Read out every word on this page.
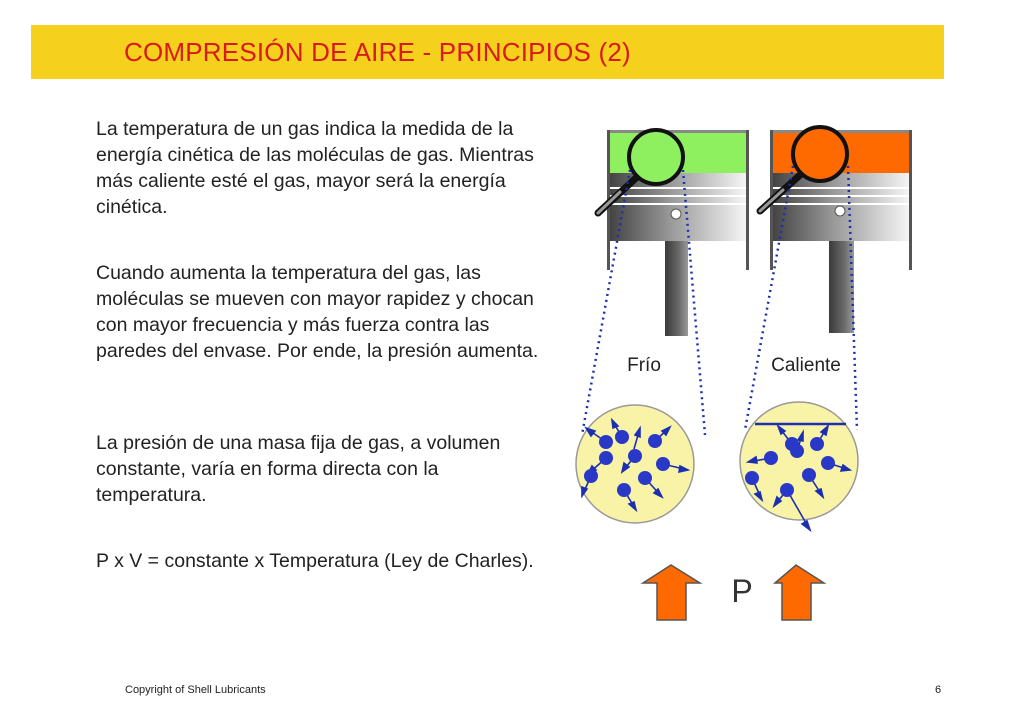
COMPRESIÓN DE AIRE - PRINCIPIOS (2)
La temperatura de un gas indica la medida de la energía cinética de las moléculas de gas. Mientras más caliente esté el gas, mayor será la energía cinética.
Cuando aumenta la temperatura del gas, las moléculas se mueven con mayor rapidez y chocan con mayor frecuencia y más fuerza contra las paredes del envase. Por ende, la presión aumenta.
La presión de una masa fija de gas, a volumen constante, varía en forma directa con la temperatura.
P x V = constante x Temperatura (Ley de Charles).
Frío	Caliente
P
Copyright of Shell Lubricants	6
